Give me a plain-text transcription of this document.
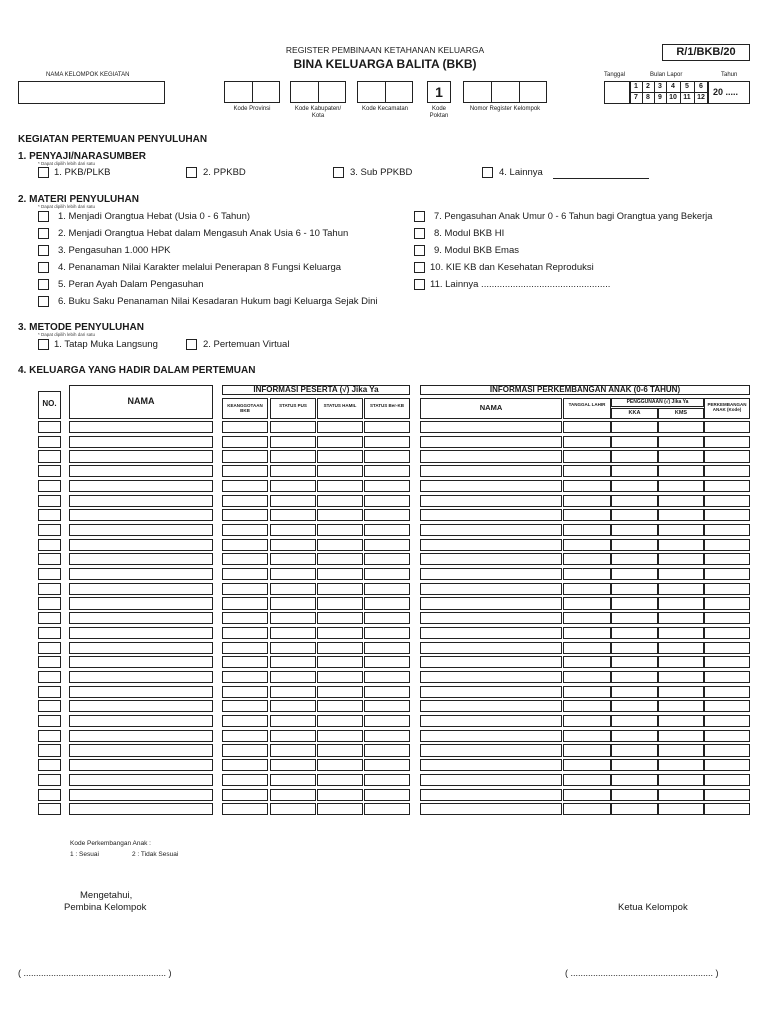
REGISTER PEMBINAAN KETAHANAN KELUARGA
BINA KELUARGA BALITA (BKB)
R/1/BKB/20
NAMA KELOMPOK KEGIATAN
Kode Provinsi	Kode Kabupaten/ Kota
Kode Kecamatan
1
Kode Poktan
Nomor Register Kelompok
Tanggal	Bulan Lapor	Tahun
20 .....
1	2	3	4	5	6
7	8	9	10 11 12
KEGIATAN PERTEMUAN PENYULUHAN
1. PENYAJI/NARASUMBER
* Dapat dipilih lebih dari satu
1. PKB/PLKB	2. PPKBD	3. Sub PPKBD	4. Lainnya
2. MATERI PENYULUHAN
* Dapat dipilih lebih dari satu
1. Menjadi Orangtua Hebat (Usia 0 - 6 Tahun)
2. Menjadi Orangtua Hebat dalam Mengasuh Anak Usia 6 - 10 Tahun
3. Pengasuhan 1.000 HPK
4. Penanaman Nilai Karakter melalui Penerapan 8 Fungsi Keluarga
5. Peran Ayah Dalam Pengasuhan
6. Buku Saku Penanaman Nilai Kesadaran Hukum bagi Keluarga Sejak Dini
7. Pengasuhan Anak Umur 0 - 6 Tahun bagi Orangtua yang Bekerja
8. Modul BKB HI
9. Modul BKB Emas
10. KIE KB dan Kesehatan Reproduksi
11. Lainnya .................................................
3. METODE PENYULUHAN
* Dapat dipilih lebih dari satu
1. Tatap Muka Langsung	2. Pertemuan Virtual
4. KELUARGA YANG HADIR DALAM PERTEMUAN
NO.	NAMA
INFORMASI PESERTA (√) Jika Ya
KEANGGOTAAN BKB
STATUS PUS	STATUS HAMIL	STATUS Ber-KB
INFORMASI PERKEMBANGAN ANAK (0-6 TAHUN)
NAMA	TANGGAL LAHIR	PENGGUNAAN (√) Jika Ya
KKA	KMS
PERKEMBANGAN ANAK (Kode)
Kode Perkembangan Anak :
1 : Sesuai	2 : Tidak Sesuai
Mengetahui,
Pembina Kelompok	Ketua Kelompok
( ......................................................... )	( ......................................................... )
